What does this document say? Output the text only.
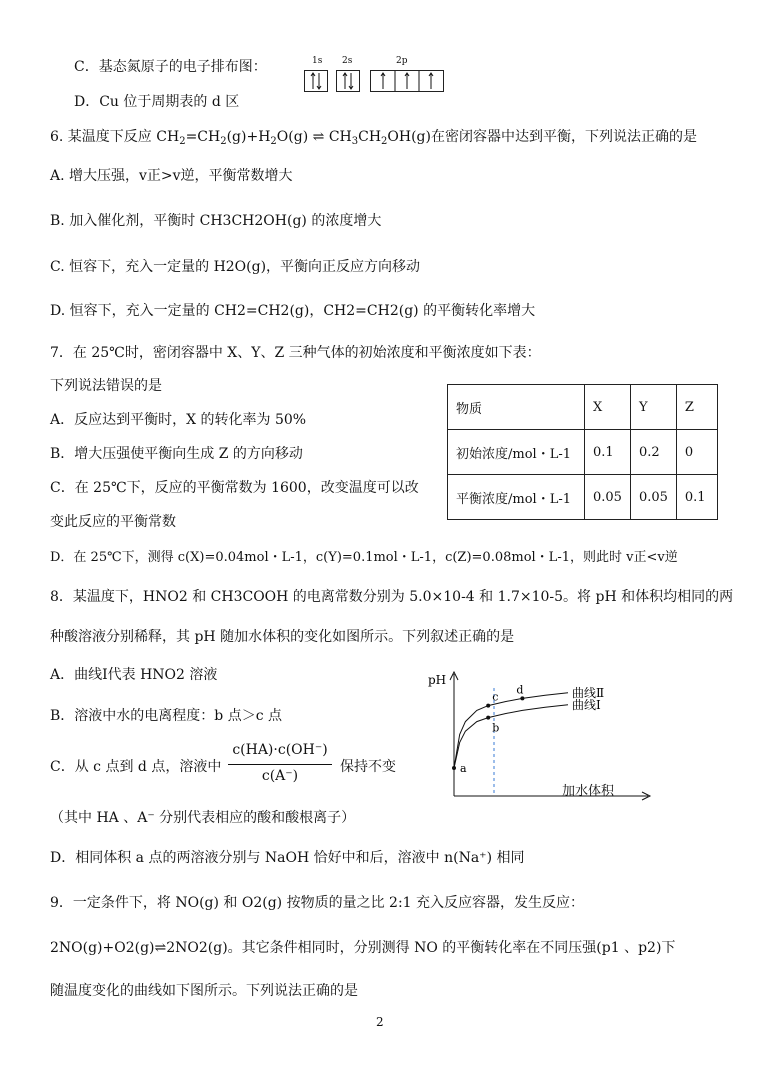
C．基态氮原子的电子排布图：	1s 2s	2p
D．Cu 位于周期表的 d 区
6. 某温度下反应 $CH_2=CH_2(g)+H_2O(g)$ ⇌ $CH_3CH_2OH(g)$在密闭容器中达到平衡，下列说法正确的是
A. 增大压强，v正>v逆，平衡常数增大
B. 加入催化剂，平衡时 CH3CH2OH(g) 的浓度增大
C. 恒容下，充入一定量的 H2O(g)，平衡向正反应方向移动
D. 恒容下，充入一定量的 CH2=CH2(g)，CH2=CH2(g) 的平衡转化率增大
7．在 25℃时，密闭容器中 X、Y、Z 三种气体的初始浓度和平衡浓度如下表：
下列说法错误的是
A．反应达到平衡时，X 的转化率为 50%
B．增大压强使平衡向生成 Z 的方向移动
C．在 25℃下，反应的平衡常数为 1600，改变温度可以改
变此反应的平衡常数
D．在 25℃下，测得 c(X)=0.04mol・L-1，c(Y)=0.1mol・L-1，c(Z)=0.08mol・L-1，则此时 v正<v逆
物质	X	Y	Z
初始浓度/mol・L-1	0.1	0.2	0
平衡浓度/mol・L-1	0.05	0.05	0.1
8．某温度下，HNO2 和 CH3COOH 的电离常数分别为 5.0×10-4 和 1.7×10-5。将 pH 和体积均相同的两
种酸溶液分别稀释，其 pH 随加水体积的变化如图所示。下列叙述正确的是
A．曲线Ⅰ代表 HNO2 溶液
B．溶液中水的电离程度：b 点＞c 点
C．从 c 点到 d 点，溶液中
c(HA)·c(OH⁻)
c(A⁻)
保持不变
（其中 HA 、A⁻ 分别代表相应的酸和酸根离子）
D．相同体积 a 点的两溶液分别与 NaOH 恰好中和后，溶液中 n(Na⁺) 相同
pH
曲线Ⅱ
曲线Ⅰ
a
b
c
d
加水体积
9．一定条件下，将 NO(g) 和 O2(g) 按物质的量之比 2:1 充入反应容器，发生反应：
2NO(g)+O2(g)⇌2NO2(g)。其它条件相同时，分别测得 NO 的平衡转化率在不同压强(p1 、p2)下
随温度变化的曲线如下图所示。下列说法正确的是
2
